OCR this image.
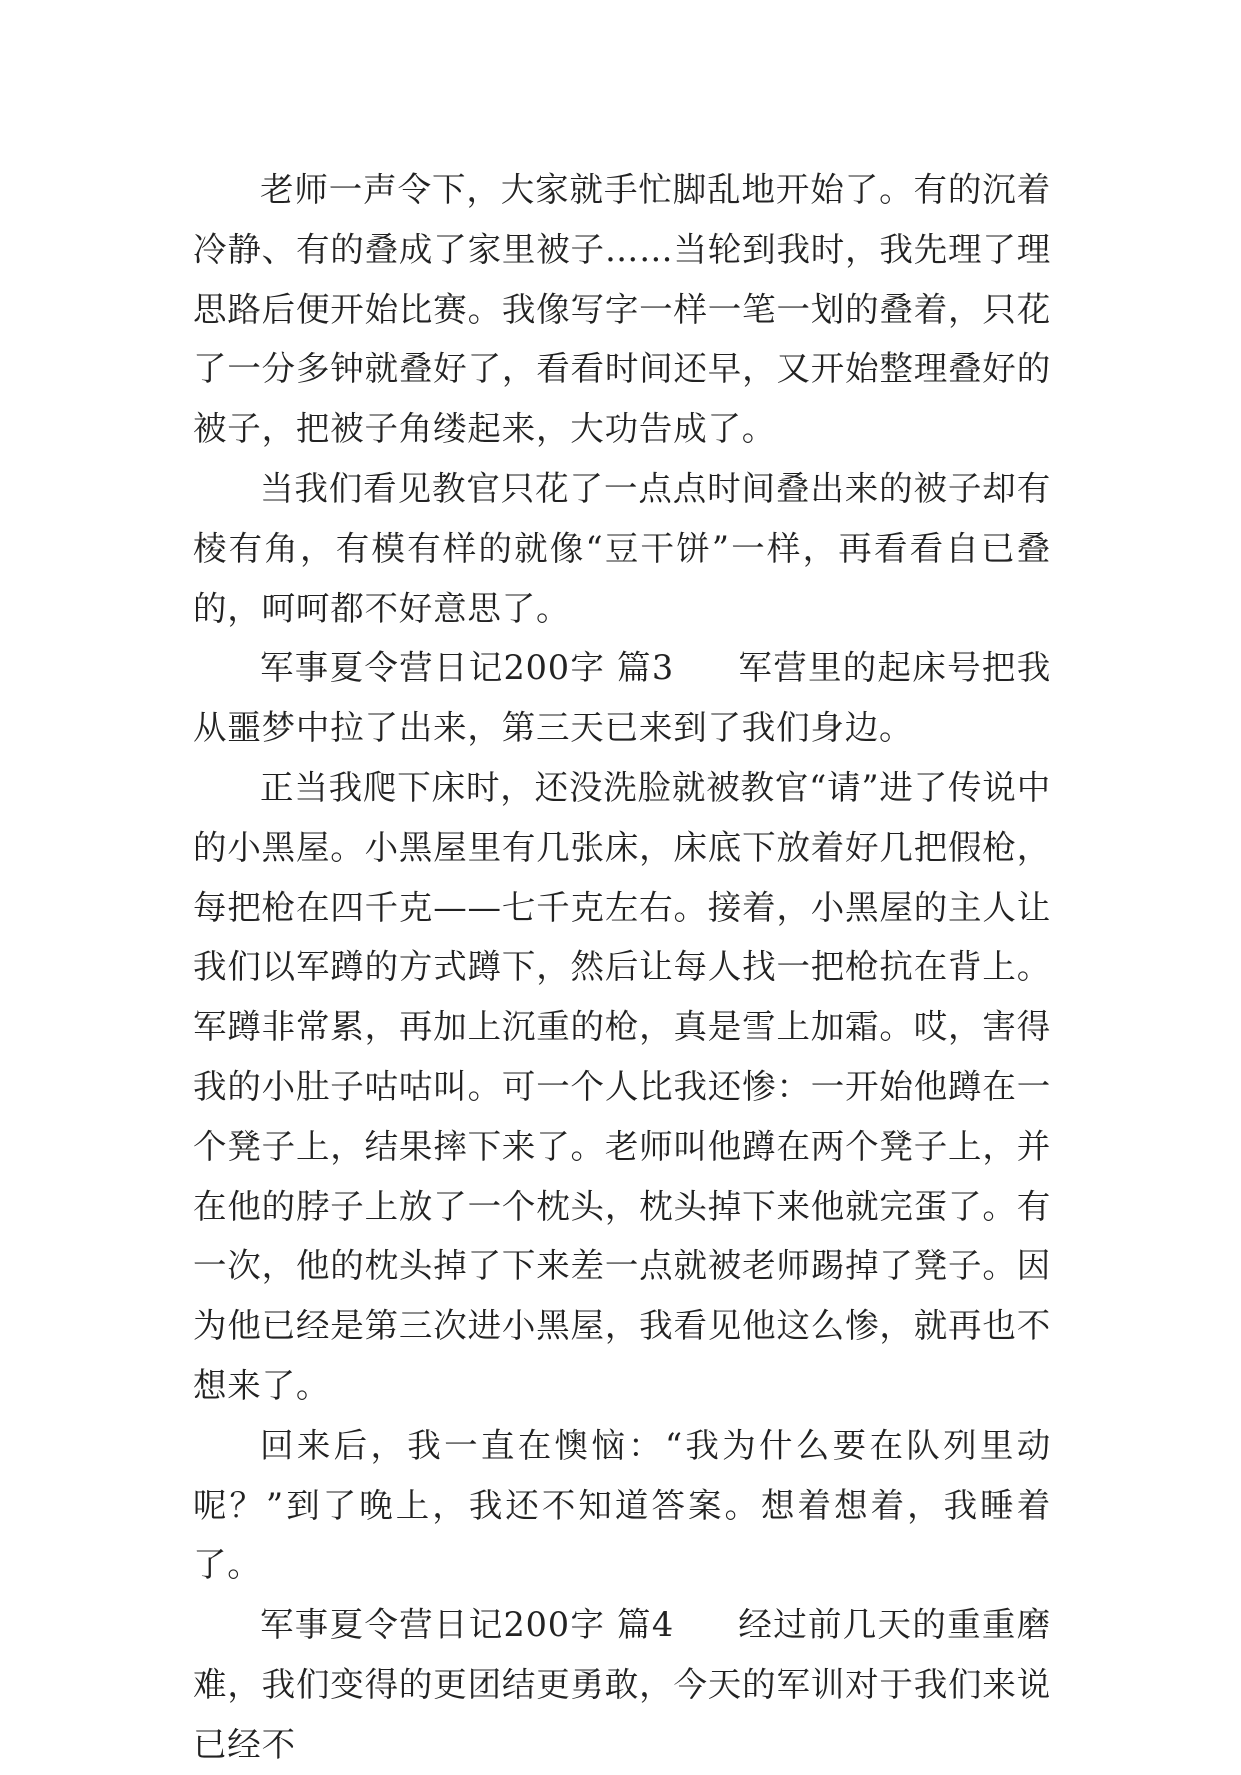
老师一声令下，大家就手忙脚乱地开始了。有的沉着冷静、有的叠成了家里被子……当轮到我时，我先理了理思路后便开始比赛。我像写字一样一笔一划的叠着，只花了一分多钟就叠好了，看看时间还早，又开始整理叠好的被子，把被子角缕起来，大功告成了。

当我们看见教官只花了一点点时间叠出来的被子却有棱有角，有模有样的就像“豆干饼”一样，再看看自已叠的，呵呵都不好意思了。

军事夏令营日记200字 篇3 军营里的起床号把我从噩梦中拉了出来，第三天已来到了我们身边。

正当我爬下床时，还没洗脸就被教官“请”进了传说中的小黑屋。小黑屋里有几张床，床底下放着好几把假枪，每把枪在四千克——七千克左右。接着，小黑屋的主人让我们以军蹲的方式蹲下，然后让每人找一把枪抗在背上。军蹲非常累，再加上沉重的枪，真是雪上加霜。哎，害得我的小肚子咕咕叫。可一个人比我还惨：一开始他蹲在一个凳子上，结果摔下来了。老师叫他蹲在两个凳子上，并在他的脖子上放了一个枕头，枕头掉下来他就完蛋了。有一次，他的枕头掉了下来差一点就被老师踢掉了凳子。因为他已经是第三次进小黑屋，我看见他这么惨，就再也不想来了。

回来后，我一直在懊恼：“我为什么要在队列里动呢？”到了晚上，我还不知道答案。想着想着，我睡着了。

军事夏令营日记200字 篇4 经过前几天的重重磨难，我们变得的更团结更勇敢，今天的军训对于我们来说已经不
